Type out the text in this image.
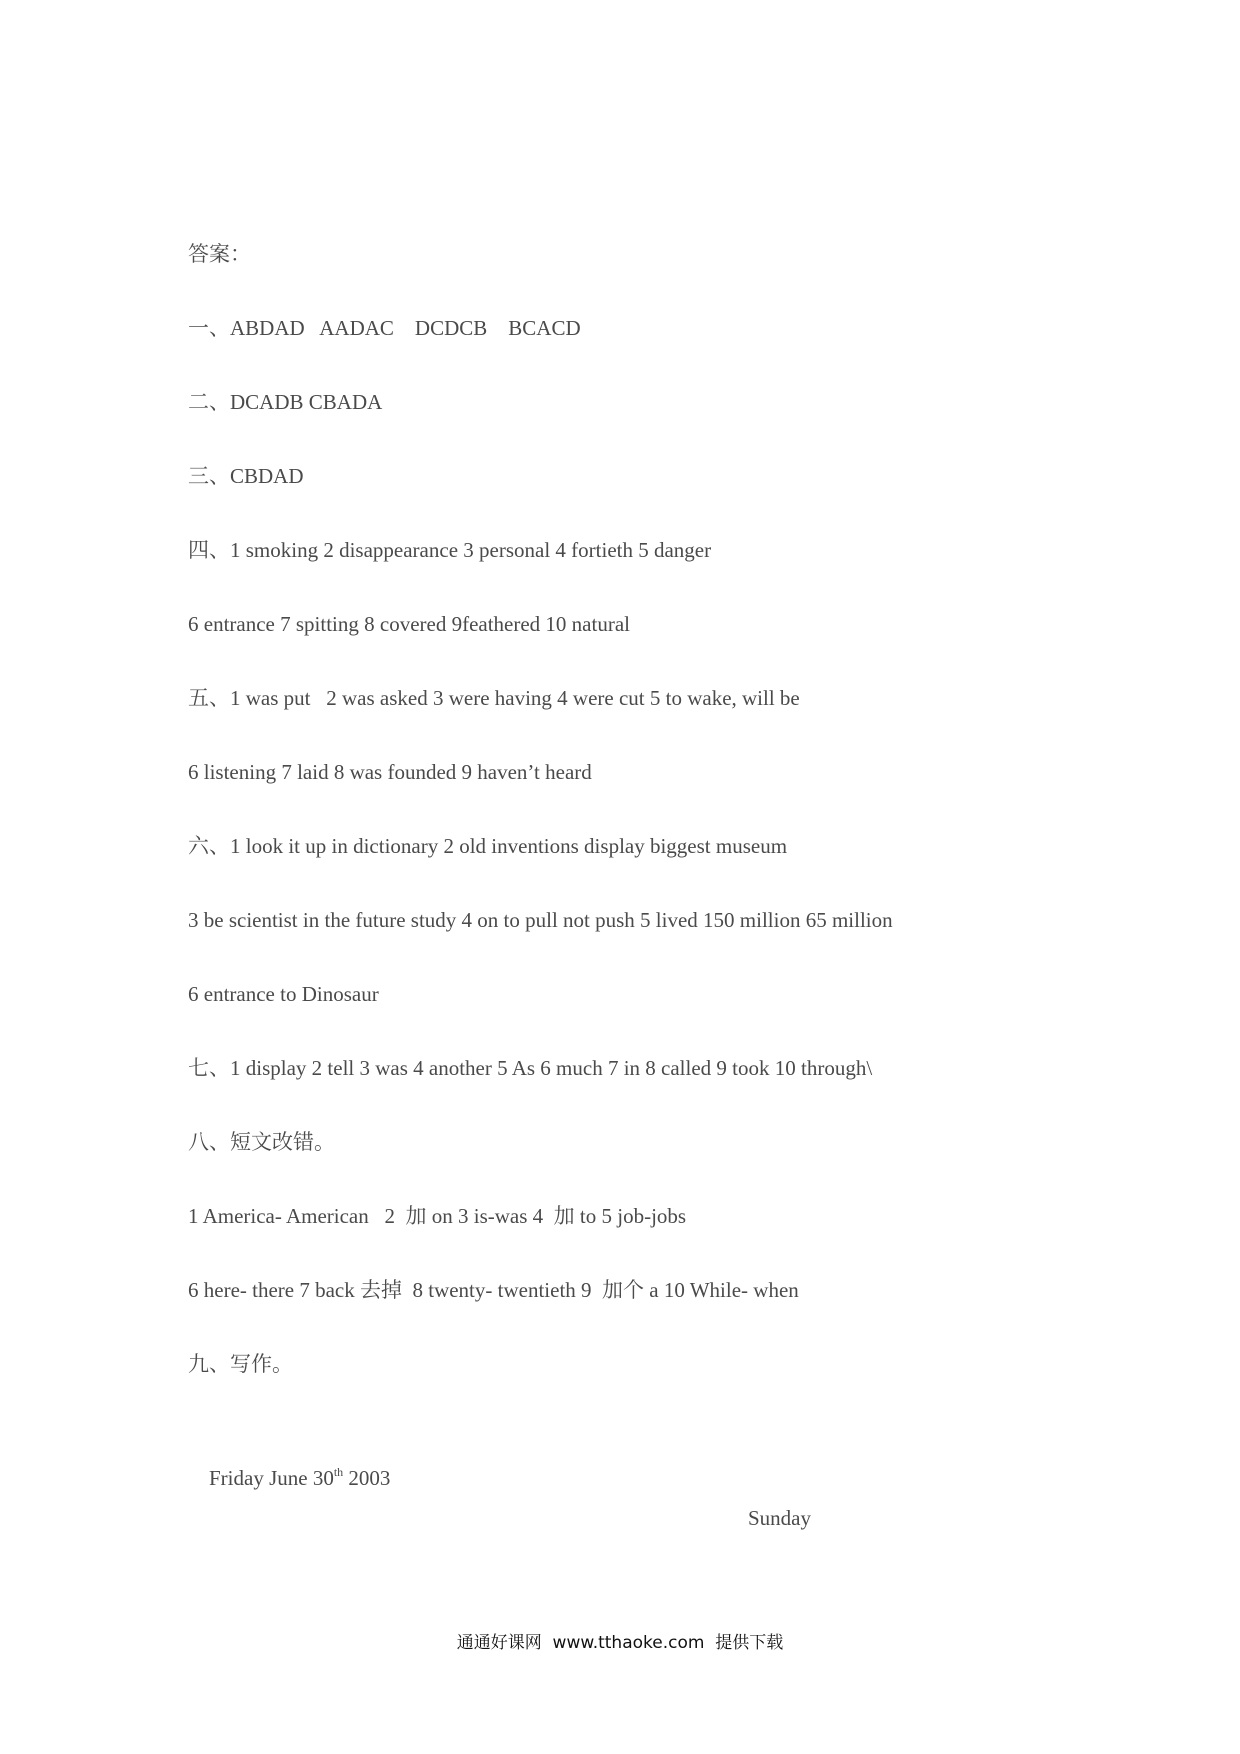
答案：
一、ABDAD   AADAC    DCDCB    BCACD
二、DCADB CBADA
三、CBDAD
四、1 smoking 2 disappearance 3 personal 4 fortieth 5 danger
6 entrance 7 spitting 8 covered 9feathered 10 natural
五、1 was put   2 was asked 3 were having 4 were cut 5 to wake, will be
6 listening 7 laid 8 was founded 9 haven’t heard
六、1 look it up in dictionary 2 old inventions display biggest museum
3 be scientist in the future study 4 on to pull not push 5 lived 150 million 65 million
6 entrance to Dinosaur
七、1 display 2 tell 3 was 4 another 5 As 6 much 7 in 8 called 9 took 10 through\
八、短文改错。
1 America- American   2  加 on 3 is-was 4  加 to 5 job-jobs
6 here- there 7 back 去掉  8 twenty- twentieth 9  加个 a 10 While- when
九、写作。

Friday June 30th 2003

Sunday

通通好课网  www.tthaoke.com  提供下载
